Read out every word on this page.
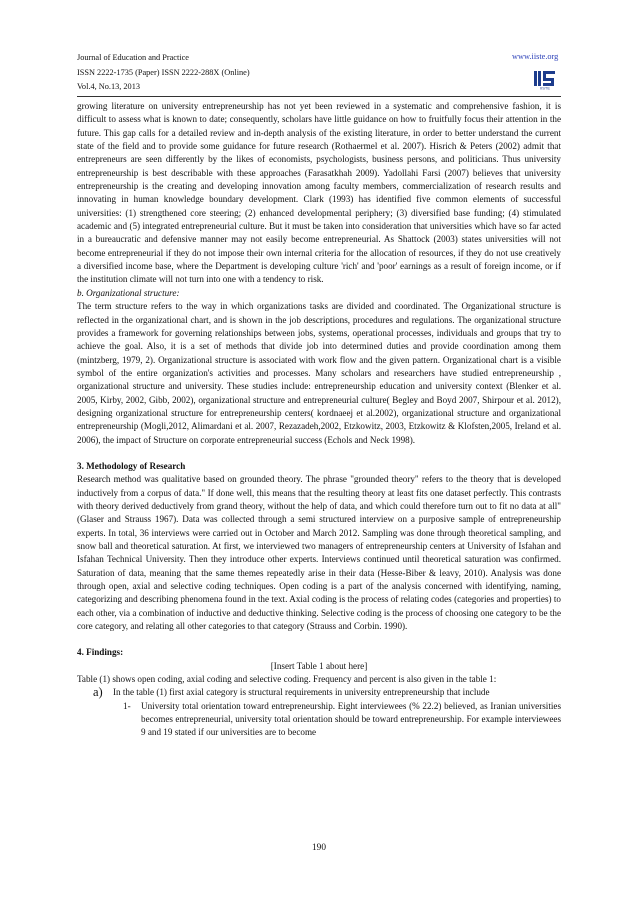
Journal of Education and Practice
ISSN 2222-1735 (Paper) ISSN 2222-288X (Online)
Vol.4, No.13, 2013
www.iiste.org
IISTE

growing literature on university entrepreneurship has not yet been reviewed in a systematic and comprehensive fashion, it is difficult to assess what is known to date; consequently, scholars have little guidance on how to fruitfully focus their attention in the future. This gap calls for a detailed review and in-depth analysis of the existing literature, in order to better understand the current state of the field and to provide some guidance for future research (Rothaermel et al. 2007). Hisrich & Peters (2002) admit that entrepreneurs are seen differently by the likes of economists, psychologists, business persons, and politicians. Thus university entrepreneurship is best describable with these approaches (Farasatkhah 2009). Yadollahi Farsi (2007) believes that university entrepreneurship is the creating and developing innovation among faculty members, commercialization of research results and innovating in human knowledge boundary development. Clark (1993) has identified five common elements of successful universities: (1) strengthened core steering; (2) enhanced developmental periphery; (3) diversified base funding; (4) stimulated academic and (5) integrated entrepreneurial culture. But it must be taken into consideration that universities which have so far acted in a bureaucratic and defensive manner may not easily become entrepreneurial. As Shattock (2003) states universities will not become entrepreneurial if they do not impose their own internal criteria for the allocation of resources, if they do not use creatively a diversified income base, where the Department is developing culture 'rich' and 'poor' earnings as a result of foreign income, or if the institution climate will not turn into one with a tendency to risk.

b. Organizational structure:

The term structure refers to the way in which organizations tasks are divided and coordinated. The Organizational structure is reflected in the organizational chart, and is shown in the job descriptions, procedures and regulations. The organizational structure provides a framework for governing relationships between jobs, systems, operational processes, individuals and groups that try to achieve the goal. Also, it is a set of methods that divide job into determined duties and provide coordination among them (mintzberg, 1979, 2). Organizational structure is associated with work flow and the given pattern. Organizational chart is a visible symbol of the entire organization's activities and processes. Many scholars and researchers have studied entrepreneurship , organizational structure and university. These studies include: entrepreneurship education and university context (Blenker et al. 2005, Kirby, 2002, Gibb, 2002), organizational structure and entrepreneurial culture( Begley and Boyd 2007, Shirpour et al. 2012), designing organizational structure for entrepreneurship centers( kordnaeej et al.2002), organizational structure and organizational entrepreneurship (Mogli,2012, Alimardani et al. 2007, Rezazadeh,2002, Etzkowitz, 2003, Etzkowitz & Klofsten,2005, Ireland et al. 2006), the impact of Structure on corporate entrepreneurial success (Echols and Neck 1998).

3. Methodology of Research

Research method was qualitative based on grounded theory. The phrase "grounded theory" refers to the theory that is developed inductively from a corpus of data." If done well, this means that the resulting theory at least fits one dataset perfectly. This contrasts with theory derived deductively from grand theory, without the help of data, and which could therefore turn out to fit no data at all" (Glaser and Strauss 1967). Data was collected through a semi structured interview on a purposive sample of entrepreneurship experts. In total, 36 interviews were carried out in October and March 2012. Sampling was done through theoretical sampling, and snow ball and theoretical saturation. At first, we interviewed two managers of entrepreneurship centers at University of Isfahan and Isfahan Technical University. Then they introduce other experts. Interviews continued until theoretical saturation was confirmed. Saturation of data, meaning that the same themes repeatedly arise in their data (Hesse-Biber & leavy, 2010). Analysis was done through open, axial and selective coding techniques. Open coding is a part of the analysis concerned with identifying, naming, categorizing and describing phenomena found in the text. Axial coding is the process of relating codes (categories and properties) to each other, via a combination of inductive and deductive thinking. Selective coding is the process of choosing one category to be the core category, and relating all other categories to that category (Strauss and Corbin. 1990).

4. Findings:

[Insert Table 1 about here]

Table (1) shows open coding, axial coding and selective coding. Frequency and percent is also given in the table 1:

a)	In the table (1) first axial category is structural requirements in university entrepreneurship that include
1-	University total orientation toward entrepreneurship. Eight interviewees (% 22.2) believed, as Iranian universities becomes entrepreneurial, university total orientation should be toward entrepreneurship. For example interviewees 9 and 19 stated if our universities are to become
190
